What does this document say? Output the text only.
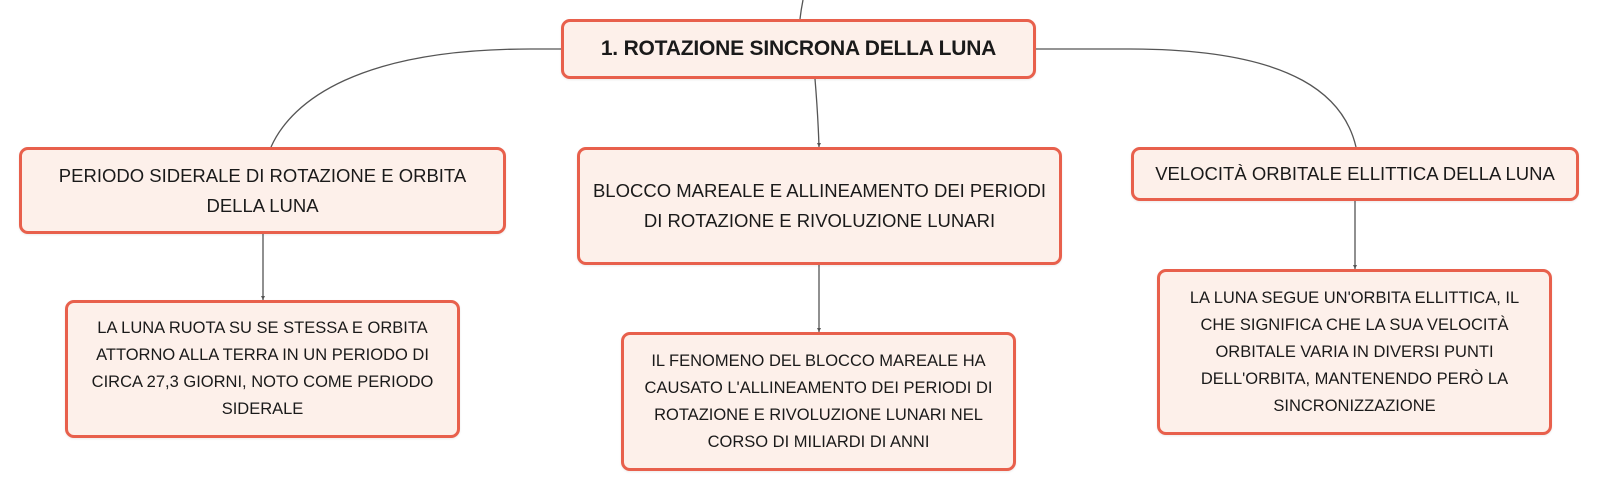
1. ROTAZIONE SINCRONA DELLA LUNA
PERIODO SIDERALE DI ROTAZIONE E ORBITA DELLA LUNA
BLOCCO MAREALE E ALLINEAMENTO DEI PERIODI DI ROTAZIONE E RIVOLUZIONE LUNARI
VELOCITÀ ORBITALE ELLITTICA DELLA LUNA
LA LUNA RUOTA SU SE STESSA E ORBITA ATTORNO ALLA TERRA IN UN PERIODO DI CIRCA 27,3 GIORNI, NOTO COME PERIODO SIDERALE
IL FENOMENO DEL BLOCCO MAREALE HA CAUSATO L'ALLINEAMENTO DEI PERIODI DI ROTAZIONE E RIVOLUZIONE LUNARI NEL CORSO DI MILIARDI DI ANNI
LA LUNA SEGUE UN'ORBITA ELLITTICA, IL CHE SIGNIFICA CHE LA SUA VELOCITÀ ORBITALE VARIA IN DIVERSI PUNTI DELL'ORBITA, MANTENENDO PERÒ LA SINCRONIZZAZIONE
